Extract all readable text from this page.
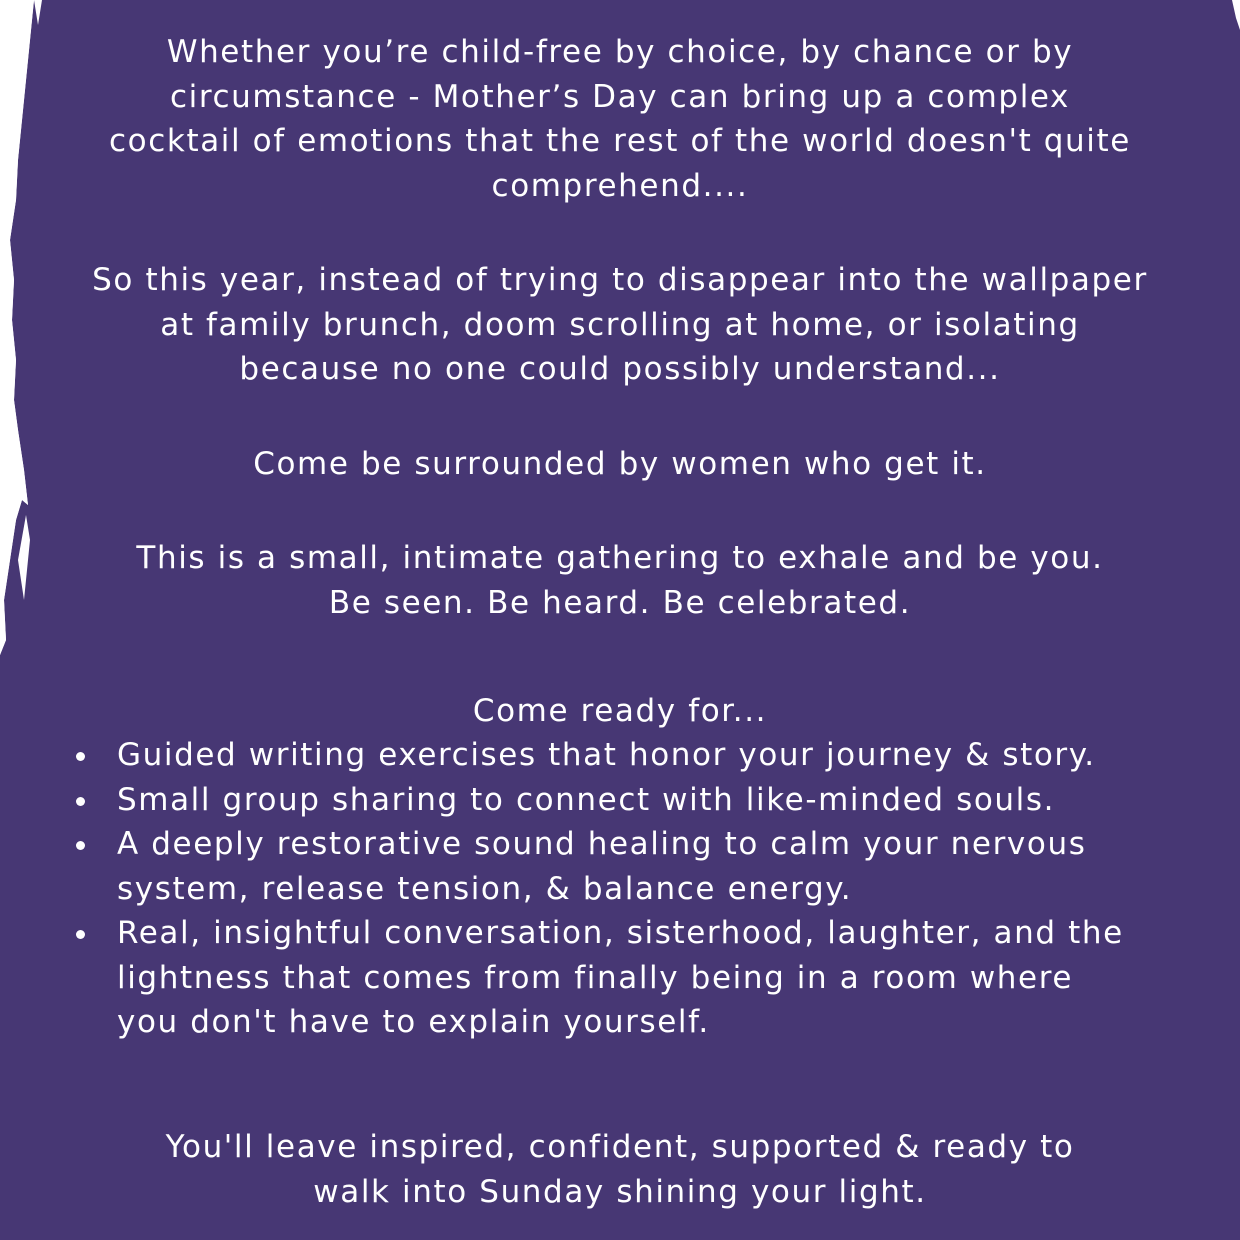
Whether you’re child-free by choice, by chance or by
circumstance - Mother’s Day can bring up a complex
cocktail of emotions that the rest of the world doesn't quite
comprehend....

So this year, instead of trying to disappear into the wallpaper
at family brunch, doom scrolling at home, or isolating
because no one could possibly understand...

Come be surrounded by women who get it.

This is a small, intimate gathering to exhale and be you.
Be seen. Be heard. Be celebrated.

Come ready for...

Guided writing exercises that honor your journey & story.
Small group sharing to connect with like-minded souls.
A deeply restorative sound healing to calm your nervous
system, release tension, & balance energy.
Real, insightful conversation, sisterhood, laughter, and the
lightness that comes from finally being in a room where
you don't have to explain yourself.

You'll leave inspired, confident, supported & ready to
walk into Sunday shining your light.
